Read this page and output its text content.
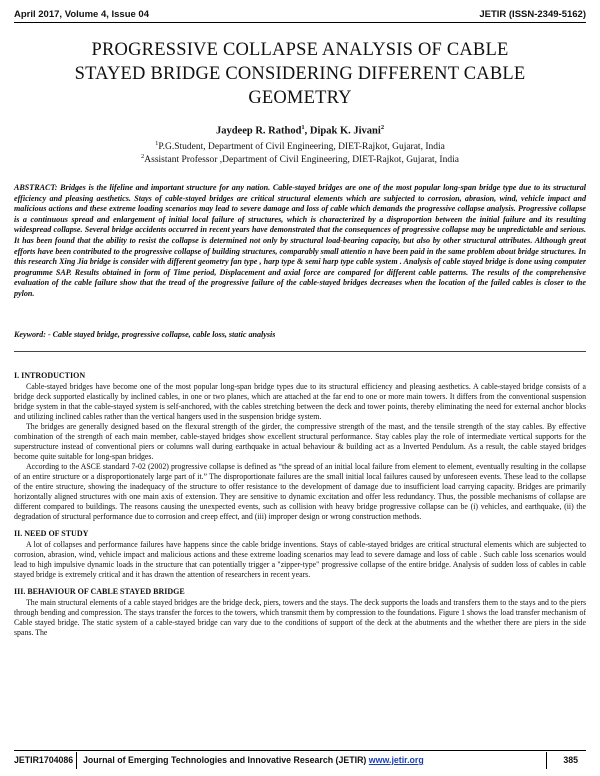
April 2017, Volume 4, Issue 04	JETIR (ISSN-2349-5162)
PROGRESSIVE COLLAPSE ANALYSIS OF CABLE
STAYED BRIDGE CONSIDERING DIFFERENT CABLE
GEOMETRY
Jaydeep R. Rathod$^1$, Dipak K. Jivani$^2$
$^1$P.G.Student, Department of Civil Engineering, DIET-Rajkot, Gujarat, India
$^2$Assistant Professor ,Department of Civil Engineering, DIET-Rajkot, Gujarat, India
ABSTRACT: Bridges is the lifeline and important structure for any nation. Cable-stayed bridges are one of the most popular long-span bridge type due to its structural efficiency and pleasing aesthetics. Stays of cable-stayed bridges are critical structural elements which are subjected to corrosion, abrasion, wind, vehicle impact and malicious actions and these extreme loading scenarios may lead to severe damage and loss of cable which demands the progressive collapse analysis. Progressive collapse is a continuous spread and enlargement of initial local failure of structures, which is characterized by a disproportion between the initial failure and its resulting widespread collapse. Several bridge accidents occurred in recent years have demonstrated that the consequences of progressive collapse may be unpredictable and serious. It has been found that the ability to resist the collapse is determined not only by structural load-bearing capacity, but also by other structural attributes. Although great efforts have been contributed to the progressive collapse of building structures, comparably small attentio n have been paid in the same problem about bridge structures. In this research Xing Jia bridge is consider with different geometry fan type , harp type & semi harp type cable system . Analysis of cable stayed bridge is done using computer programme SAP. Results obtained in form of Time period, Displacement and axial force are compared for different cable patterns. The results of the comprehensive evaluation of the cable failure show that the tread of the progressive failure of the cable-stayed bridges decreases when the location of the failed cables is closer to the pylon.
Keyword: - Cable stayed bridge, progressive collapse, cable loss, static analysis
I. INTRODUCTION

Cable-stayed bridges have become one of the most popular long-span bridge types due to its structural efficiency and pleasing aesthetics. A cable-stayed bridge consists of a bridge deck supported elastically by inclined cables, in one or two planes, which are attached at the far end to one or more main towers. It differs from the conventional suspension bridge system in that the cable-stayed system is self-anchored, with the cables stretching between the deck and tower points, thereby eliminating the need for external anchor blocks and utilizing inclined cables rather than the vertical hangers used in the suspension bridge system.

The bridges are generally designed based on the flexural strength of the girder, the compressive strength of the mast, and the tensile strength of the stay cables. By effective combination of the strength of each main member, cable-stayed bridges show excellent structural performance. Stay cables play the role of intermediate vertical supports for the superstructure instead of conventional piers or columns wall during earthquake in actual behaviour & building act as a Inverted Pendulum. As a result, the cable stayed bridges become quite suitable for long-span bridges.

According to the ASCE standard 7-02 (2002) progressive collapse is defined as “the spread of an initial local failure from element to element, eventually resulting in the collapse of an entire structure or a disproportionately large part of it.” The disproportionate failures are the small initial local failures caused by unforeseen events. These lead to the collapse of the entire structure, showing the inadequacy of the structure to offer resistance to the development of damage due to insufficient load carrying capacity. Bridges are primarily horizontally aligned structures with one main axis of extension. They are sensitive to dynamic excitation and offer less redundancy. Thus, the possible mechanisms of collapse are different compared to buildings. The reasons causing the unexpected events, such as collision with heavy bridge progressive collapse can be (i) vehicles, and earthquake, (ii) the degradation of structural performance due to corrosion and creep effect, and (iii) improper design or wrong construction methods.

II. NEED OF STUDY

A lot of collapses and performance failures have happens since the cable bridge inventions. Stays of cable-stayed bridges are critical structural elements which are subjected to corrosion, abrasion, wind, vehicle impact and malicious actions and these extreme loading scenarios may lead to severe damage and loss of cable . Such cable loss scenarios would lead to high impulsive dynamic loads in the structure that can potentially trigger a "zipper-type" progressive collapse of the entire bridge. Analysis of sudden loss of cables in cable stayed bridge is extremely critical and it has drawn the attention of researchers in recent years.

III. BEHAVIOUR OF CABLE STAYED BRIDGE

The main structural elements of a cable stayed bridges are the bridge deck, piers, towers and the stays. The deck supports the loads and transfers them to the stays and to the piers through bending and compression. The stays transfer the forces to the towers, which transmit them by compression to the foundations. Figure 1 shows the load transfer mechanism of Cable stayed bridge. The static system of a cable-stayed bridge can vary due to the conditions of support of the deck at the abutments and the whether there are piers in the side spans. The

JETIR1704086	Journal of Emerging Technologies and Innovative Research (JETIR) www.jetir.org	385
